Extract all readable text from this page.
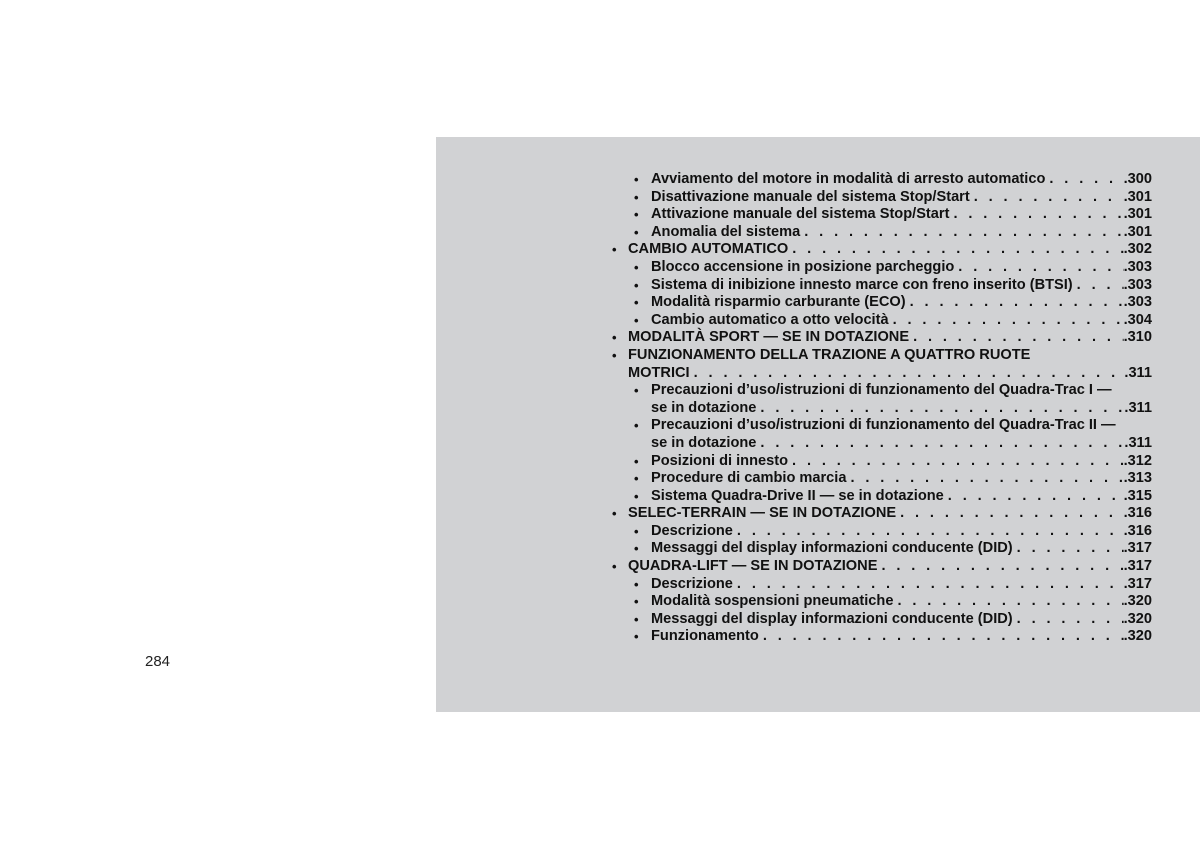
284
• Avviamento del motore in modalità di arresto automatico . . .	.300
• Disattivazione manuale del sistema Stop/Start . . .	.301
• Attivazione manuale del sistema Stop/Start . . .	.301
• Anomalia del sistema . . .	.301
• CAMBIO AUTOMATICO . . .	.302
• Blocco accensione in posizione parcheggio . . .	.303
• Sistema di inibizione innesto marce con freno inserito (BTSI) . . .	.303
• Modalità risparmio carburante (ECO) . . .	.303
• Cambio automatico a otto velocità . . .	.304
• MODALITÀ SPORT — SE IN DOTAZIONE . . .	.310
• FUNZIONAMENTO DELLA TRAZIONE A QUATTRO RUOTE
MOTRICI . . .	.311
• Precauzioni d’uso/istruzioni di funzionamento del Quadra-Trac I —
se in dotazione . . .	.311
• Precauzioni d’uso/istruzioni di funzionamento del Quadra-Trac II —
se in dotazione . . .	.311
• Posizioni di innesto . . .	.312
• Procedure di cambio marcia . . .	.313
• Sistema Quadra-Drive II — se in dotazione . . .	.315
• SELEC-TERRAIN — SE IN DOTAZIONE . . .	.316
• Descrizione . . .	.316
• Messaggi del display informazioni conducente (DID) . . .	.317
• QUADRA-LIFT — SE IN DOTAZIONE . . .	.317
• Descrizione . . .	.317
• Modalità sospensioni pneumatiche . . .	.320
• Messaggi del display informazioni conducente (DID) . . .	.320
• Funzionamento . . .	.320
